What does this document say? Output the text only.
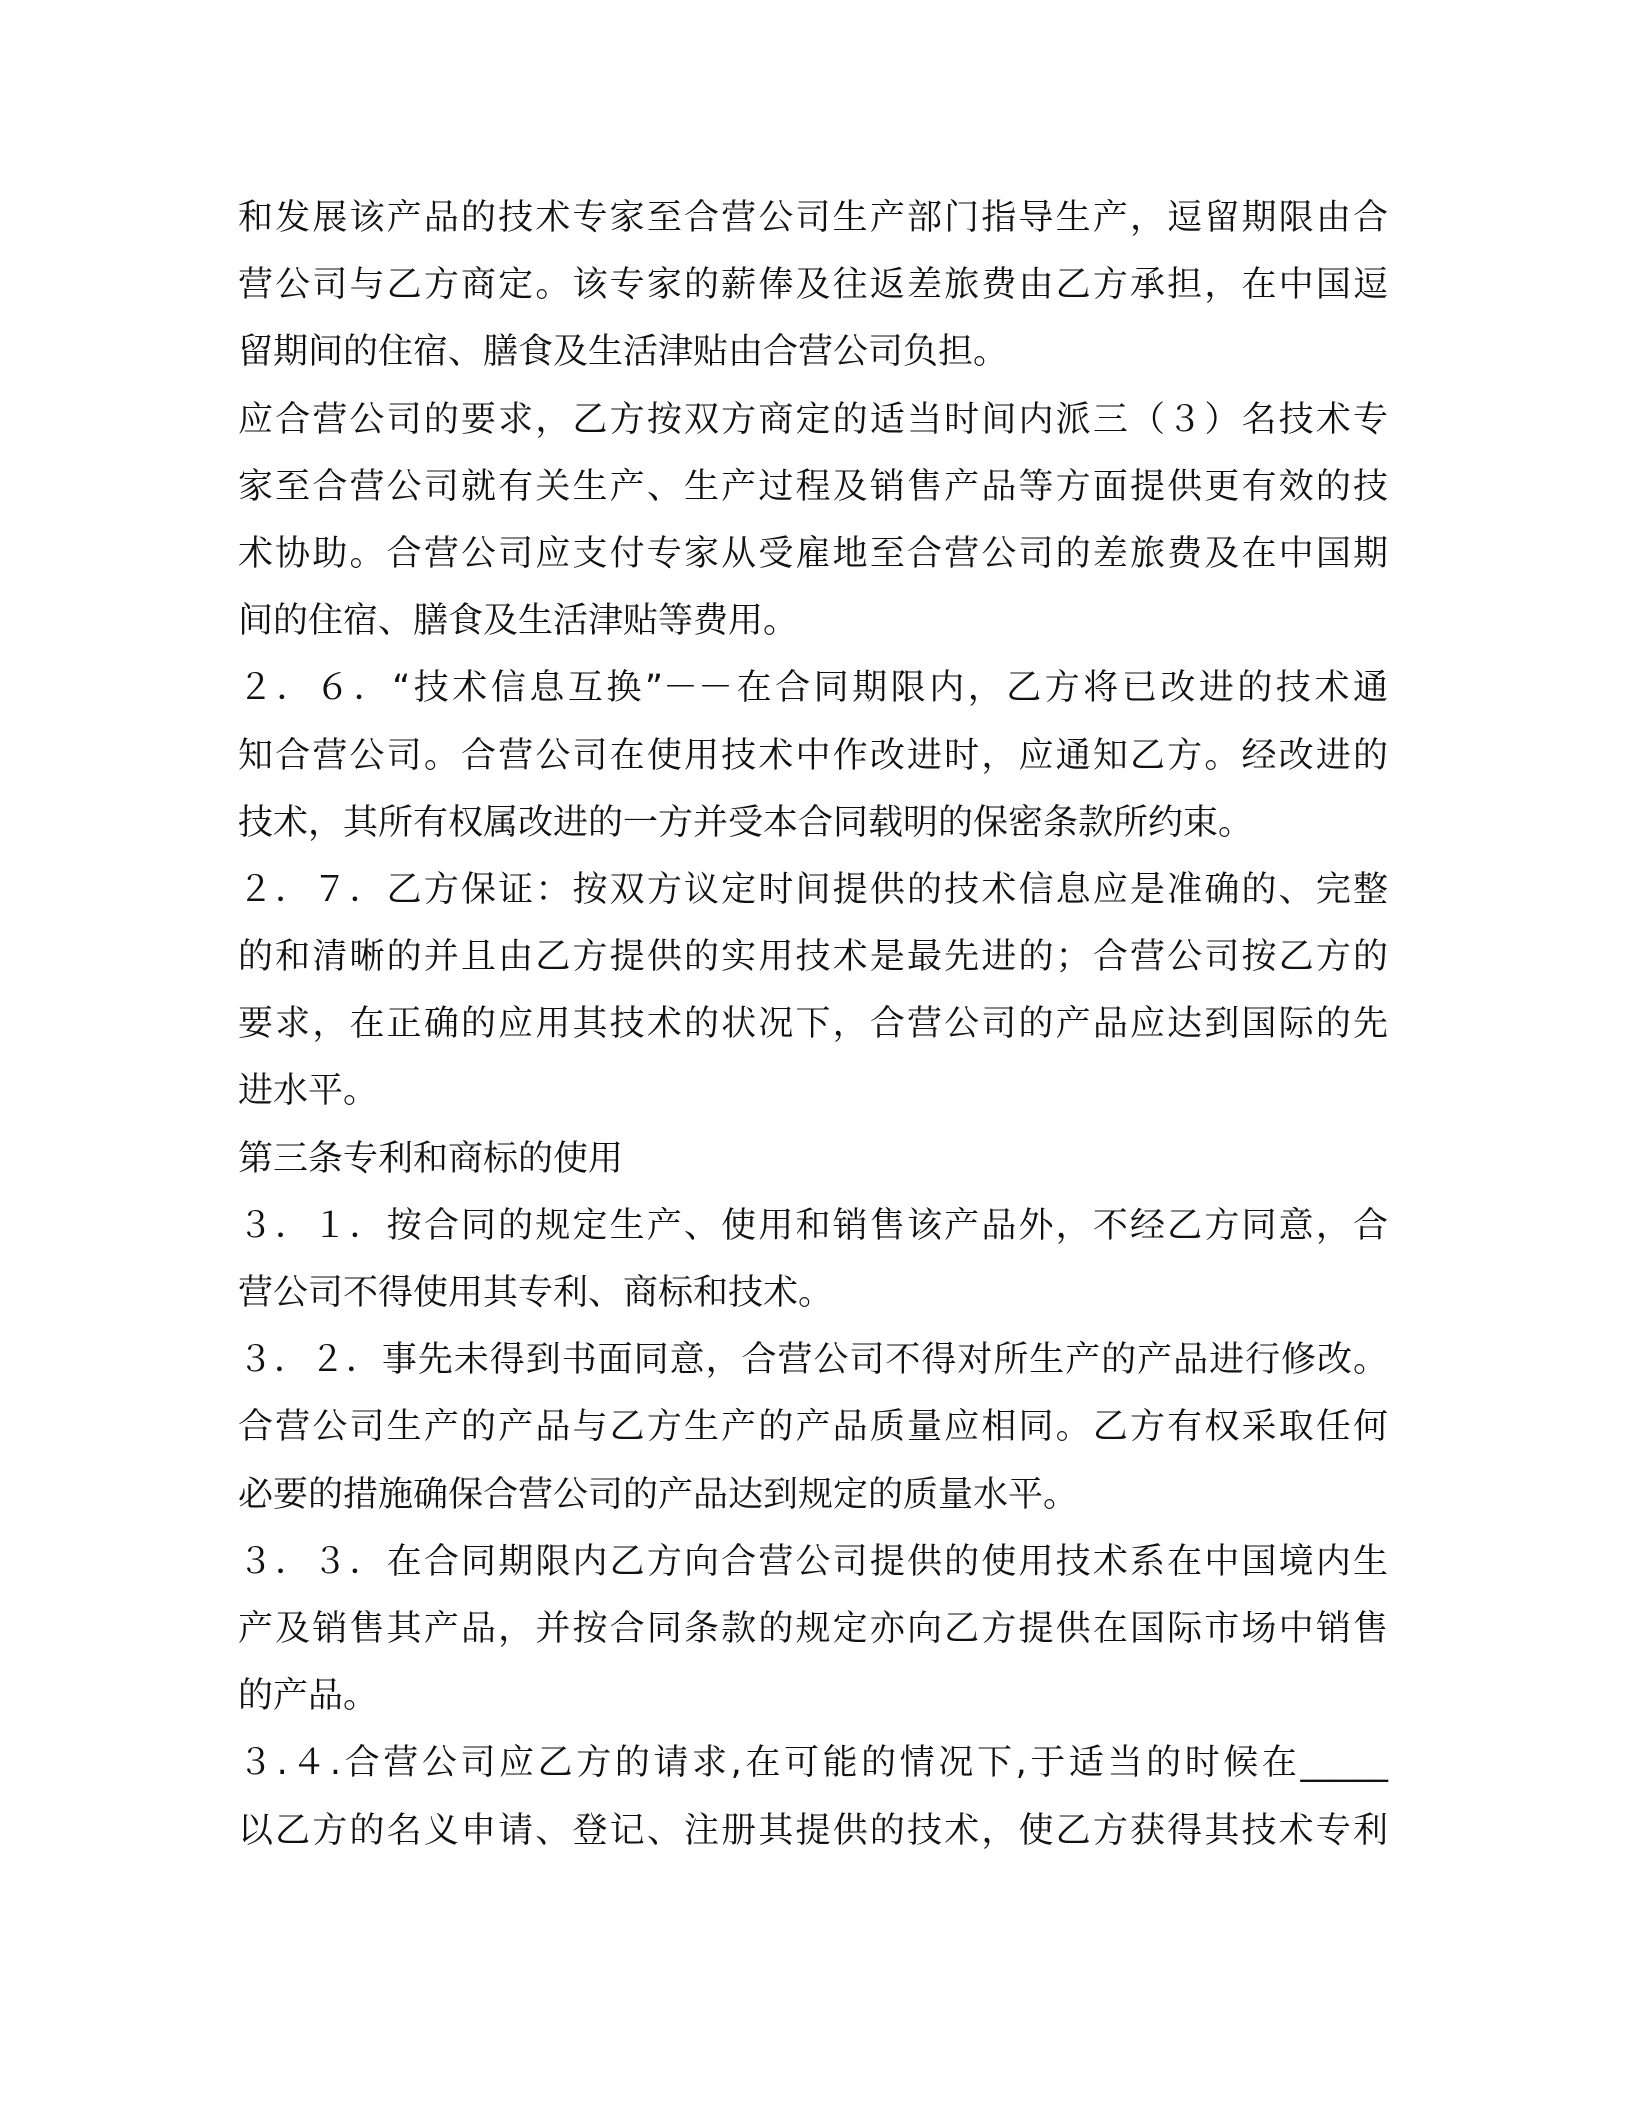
和发展该产品的技术专家至合营公司生产部门指导生产，逗留期限由合
营公司与乙方商定。该专家的薪俸及往返差旅费由乙方承担，在中国逗
留期间的住宿、膳食及生活津贴由合营公司负担。
应合营公司的要求，乙方按双方商定的适当时间内派三（３）名技术专
家至合营公司就有关生产、生产过程及销售产品等方面提供更有效的技
术协助。合营公司应支付专家从受雇地至合营公司的差旅费及在中国期
间的住宿、膳食及生活津贴等费用。
２．６．“技术信息互换”－－在合同期限内，乙方将已改进的技术通
知合营公司。合营公司在使用技术中作改进时，应通知乙方。经改进的
技术，其所有权属改进的一方并受本合同载明的保密条款所约束。
２．７．乙方保证：按双方议定时间提供的技术信息应是准确的、完整
的和清晰的并且由乙方提供的实用技术是最先进的；合营公司按乙方的
要求，在正确的应用其技术的状况下，合营公司的产品应达到国际的先
进水平。
第三条专利和商标的使用
３．１．按合同的规定生产、使用和销售该产品外，不经乙方同意，合
营公司不得使用其专利、商标和技术。
３．２．事先未得到书面同意，合营公司不得对所生产的产品进行修改。
合营公司生产的产品与乙方生产的产品质量应相同。乙方有权采取任何
必要的措施确保合营公司的产品达到规定的质量水平。
３．３．在合同期限内乙方向合营公司提供的使用技术系在中国境内生
产及销售其产品，并按合同条款的规定亦向乙方提供在国际市场中销售
的产品。
３.４.合营公司应乙方的请求,在可能的情况下,于适当的时候在_____
以乙方的名义申请、登记、注册其提供的技术，使乙方获得其技术专利
